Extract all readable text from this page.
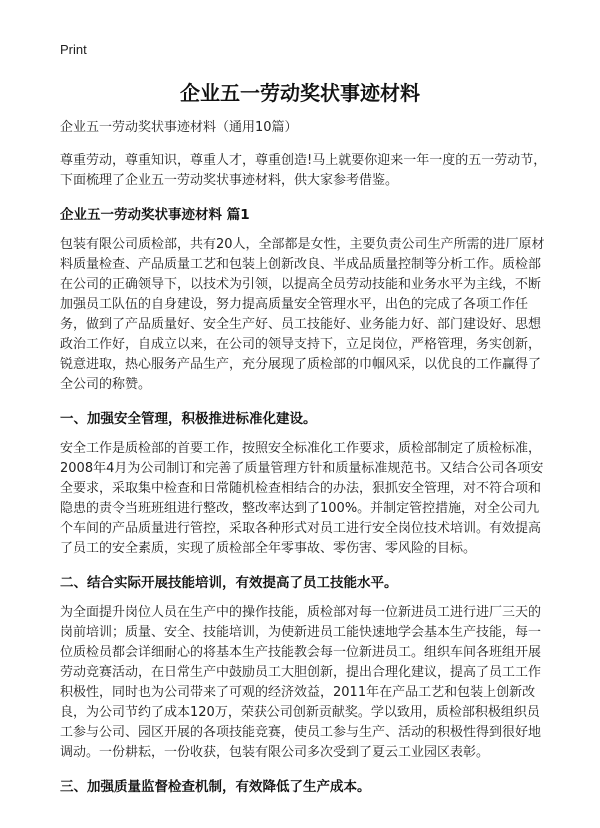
Print
企业五一劳动奖状事迹材料

企业五一劳动奖状事迹材料（通用10篇）

尊重劳动，尊重知识，尊重人才，尊重创造!马上就要你迎来一年一度的五一劳动节，下面梳理了企业五一劳动奖状事迹材料，供大家参考借鉴。

企业五一劳动奖状事迹材料 篇1

包装有限公司质检部，共有20人，全部都是女性，主要负责公司生产所需的进厂原材料质量检查、产品质量工艺和包装上创新改良、半成品质量控制等分析工作。质检部在公司的正确领导下，以技术为引领，以提高全员劳动技能和业务水平为主线，不断加强员工队伍的自身建设，努力提高质量安全管理水平，出色的完成了各项工作任务，做到了产品质量好、安全生产好、员工技能好、业务能力好、部门建设好、思想政治工作好，自成立以来，在公司的领导支持下，立足岗位，严格管理，务实创新，锐意进取，热心服务产品生产，充分展现了质检部的巾帼风采，以优良的工作赢得了全公司的称赞。

一、加强安全管理，积极推进标准化建设。

安全工作是质检部的首要工作，按照安全标准化工作要求，质检部制定了质检标准，2008年4月为公司制订和完善了质量管理方针和质量标准规范书。又结合公司各项安全要求，采取集中检查和日常随机检查相结合的办法，狠抓安全管理，对不符合项和隐患的责令当班班组进行整改，整改率达到了100%。并制定管控措施，对全公司九个车间的产品质量进行管控，采取各种形式对员工进行安全岗位技术培训。有效提高了员工的安全素质，实现了质检部全年零事故、零伤害、零风险的目标。

二、结合实际开展技能培训，有效提高了员工技能水平。

为全面提升岗位人员在生产中的操作技能，质检部对每一位新进员工进行进厂三天的岗前培训；质量、安全、技能培训，为使新进员工能快速地学会基本生产技能，每一位质检员都会详细耐心的将基本生产技能教会每一位新进员工。组织车间各班组开展劳动竞赛活动，在日常生产中鼓励员工大胆创新，提出合理化建议，提高了员工工作积极性，同时也为公司带来了可观的经济效益，2011年在产品工艺和包装上创新改良，为公司节约了成本120万，荣获公司创新贡献奖。学以致用，质检部积极组织员工参与公司、园区开展的各项技能竞赛，使员工参与生产、活动的积极性得到很好地调动。一份耕耘，一份收获，包装有限公司多次受到了夏云工业园区表彰。

三、加强质量监督检查机制，有效降低了生产成本。
